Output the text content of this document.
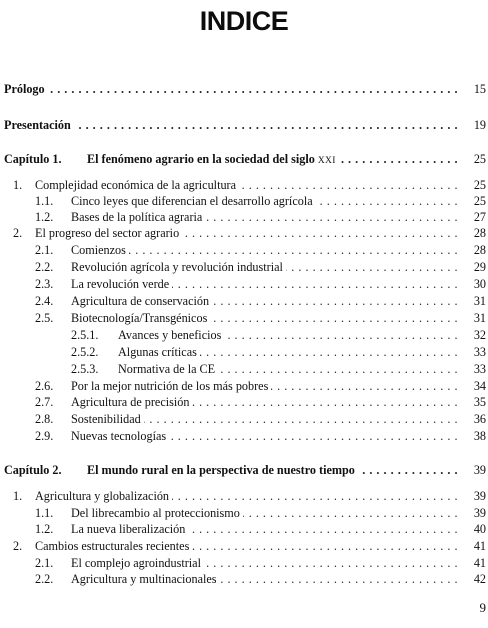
INDICE
Prólogo . . .	15
Presentación . . .	19
Capítulo 1. El fenómeno agrario en la sociedad del siglo XXI . . .	25
1. Complejidad económica de la agricultura . . .	25
1.1. Cinco leyes que diferencian el desarrollo agrícola . . .	25
1.2. Bases de la política agraria . . .	27
2. El progreso del sector agrario . . .	28
2.1. Comienzos . . .	28
2.2. Revolución agrícola y revolución industrial . . .	29
2.3. La revolución verde . . .	30
2.4. Agricultura de conservación . . .	31
2.5. Biotecnología/Transgénicos . . .	31
2.5.1. Avances y beneficios . . .	32
2.5.2. Algunas críticas . . .	33
2.5.3. Normativa de la CE . . .	33
2.6. Por la mejor nutrición de los más pobres . . .	34
2.7. Agricultura de precisión . . .	35
2.8. Sostenibilidad . . .	36
2.9. Nuevas tecnologías . . .	38
Capítulo 2. El mundo rural en la perspectiva de nuestro tiempo . . .	39
1. Agricultura y globalización . . .	39
1.1. Del librecambio al proteccionismo . . .	39
1.2. La nueva liberalización . . .	40
2. Cambios estructurales recientes . . .	41
2.1. El complejo agroindustrial . . .	41
2.2. Agricultura y multinacionales . . .	42
9
